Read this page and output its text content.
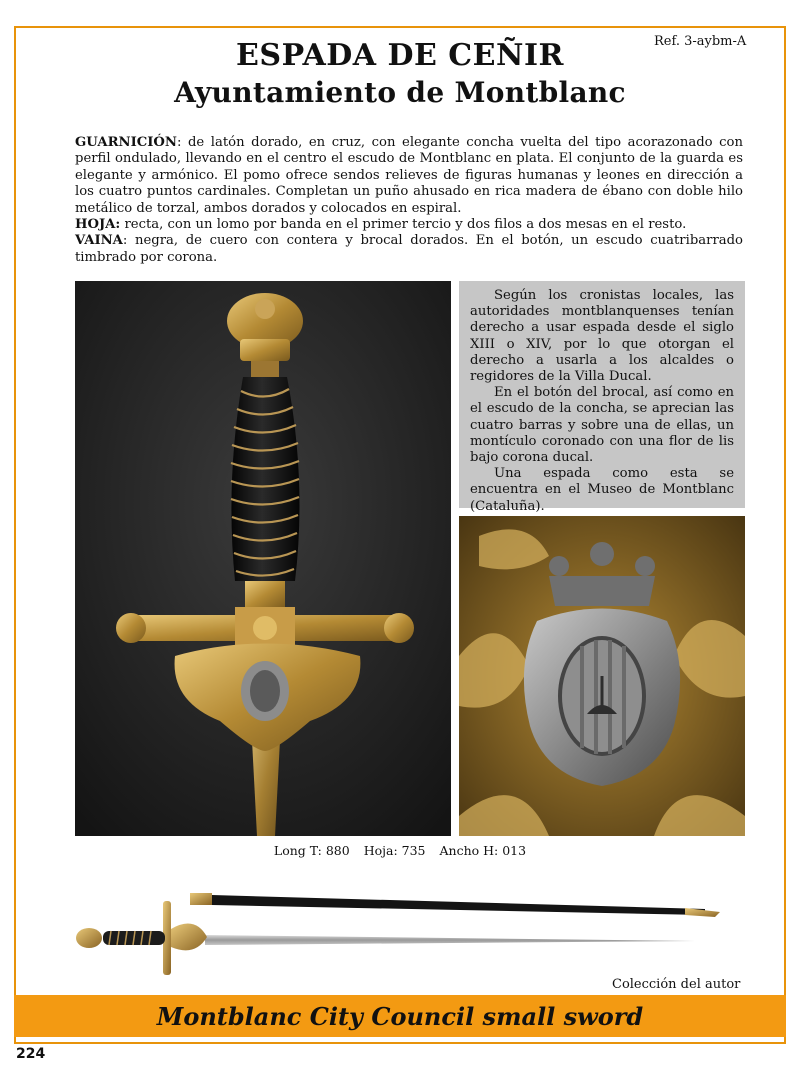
Ref. 3-aybm-A
ESPADA DE CEÑIR
Ayuntamiento de Montblanc

GUARNICIÓN: de latón dorado, en cruz, con elegante concha vuelta del tipo acorazonado con perfil ondulado, llevando en el centro el escudo de Montblanc en plata. El conjunto de la guarda es elegante y armónico. El pomo ofrece sendos relieves de figuras humanas y leones en dirección a los cuatro puntos cardinales. Completan un puño ahusado en rica madera de ébano con doble hilo metálico de torzal, ambos dorados y colocados en espiral.

HOJA: recta, con un lomo por banda en el primer tercio y dos filos a dos mesas en el resto.

VAINA: negra, de cuero con contera y brocal dorados. En el botón, un escudo cuatribarrado timbrado por corona.

Según los cronistas locales, las autoridades montblanquenses tenían derecho a usar espada desde el siglo XIII o XIV, por lo que otorgan el derecho a usarla a los alcaldes o regidores de la Villa Ducal.

En el botón del brocal, así como en el escudo de la concha, se aprecian las cuatro barras y sobre una de ellas, un montículo coronado con una flor de lis bajo corona ducal.

Una espada como esta se encuentra en el Museo de Montblanc (Cataluña).

Long T: 880 Hoja: 735 Ancho H: 013
Colección del autor
Montblanc City Council small sword
224
